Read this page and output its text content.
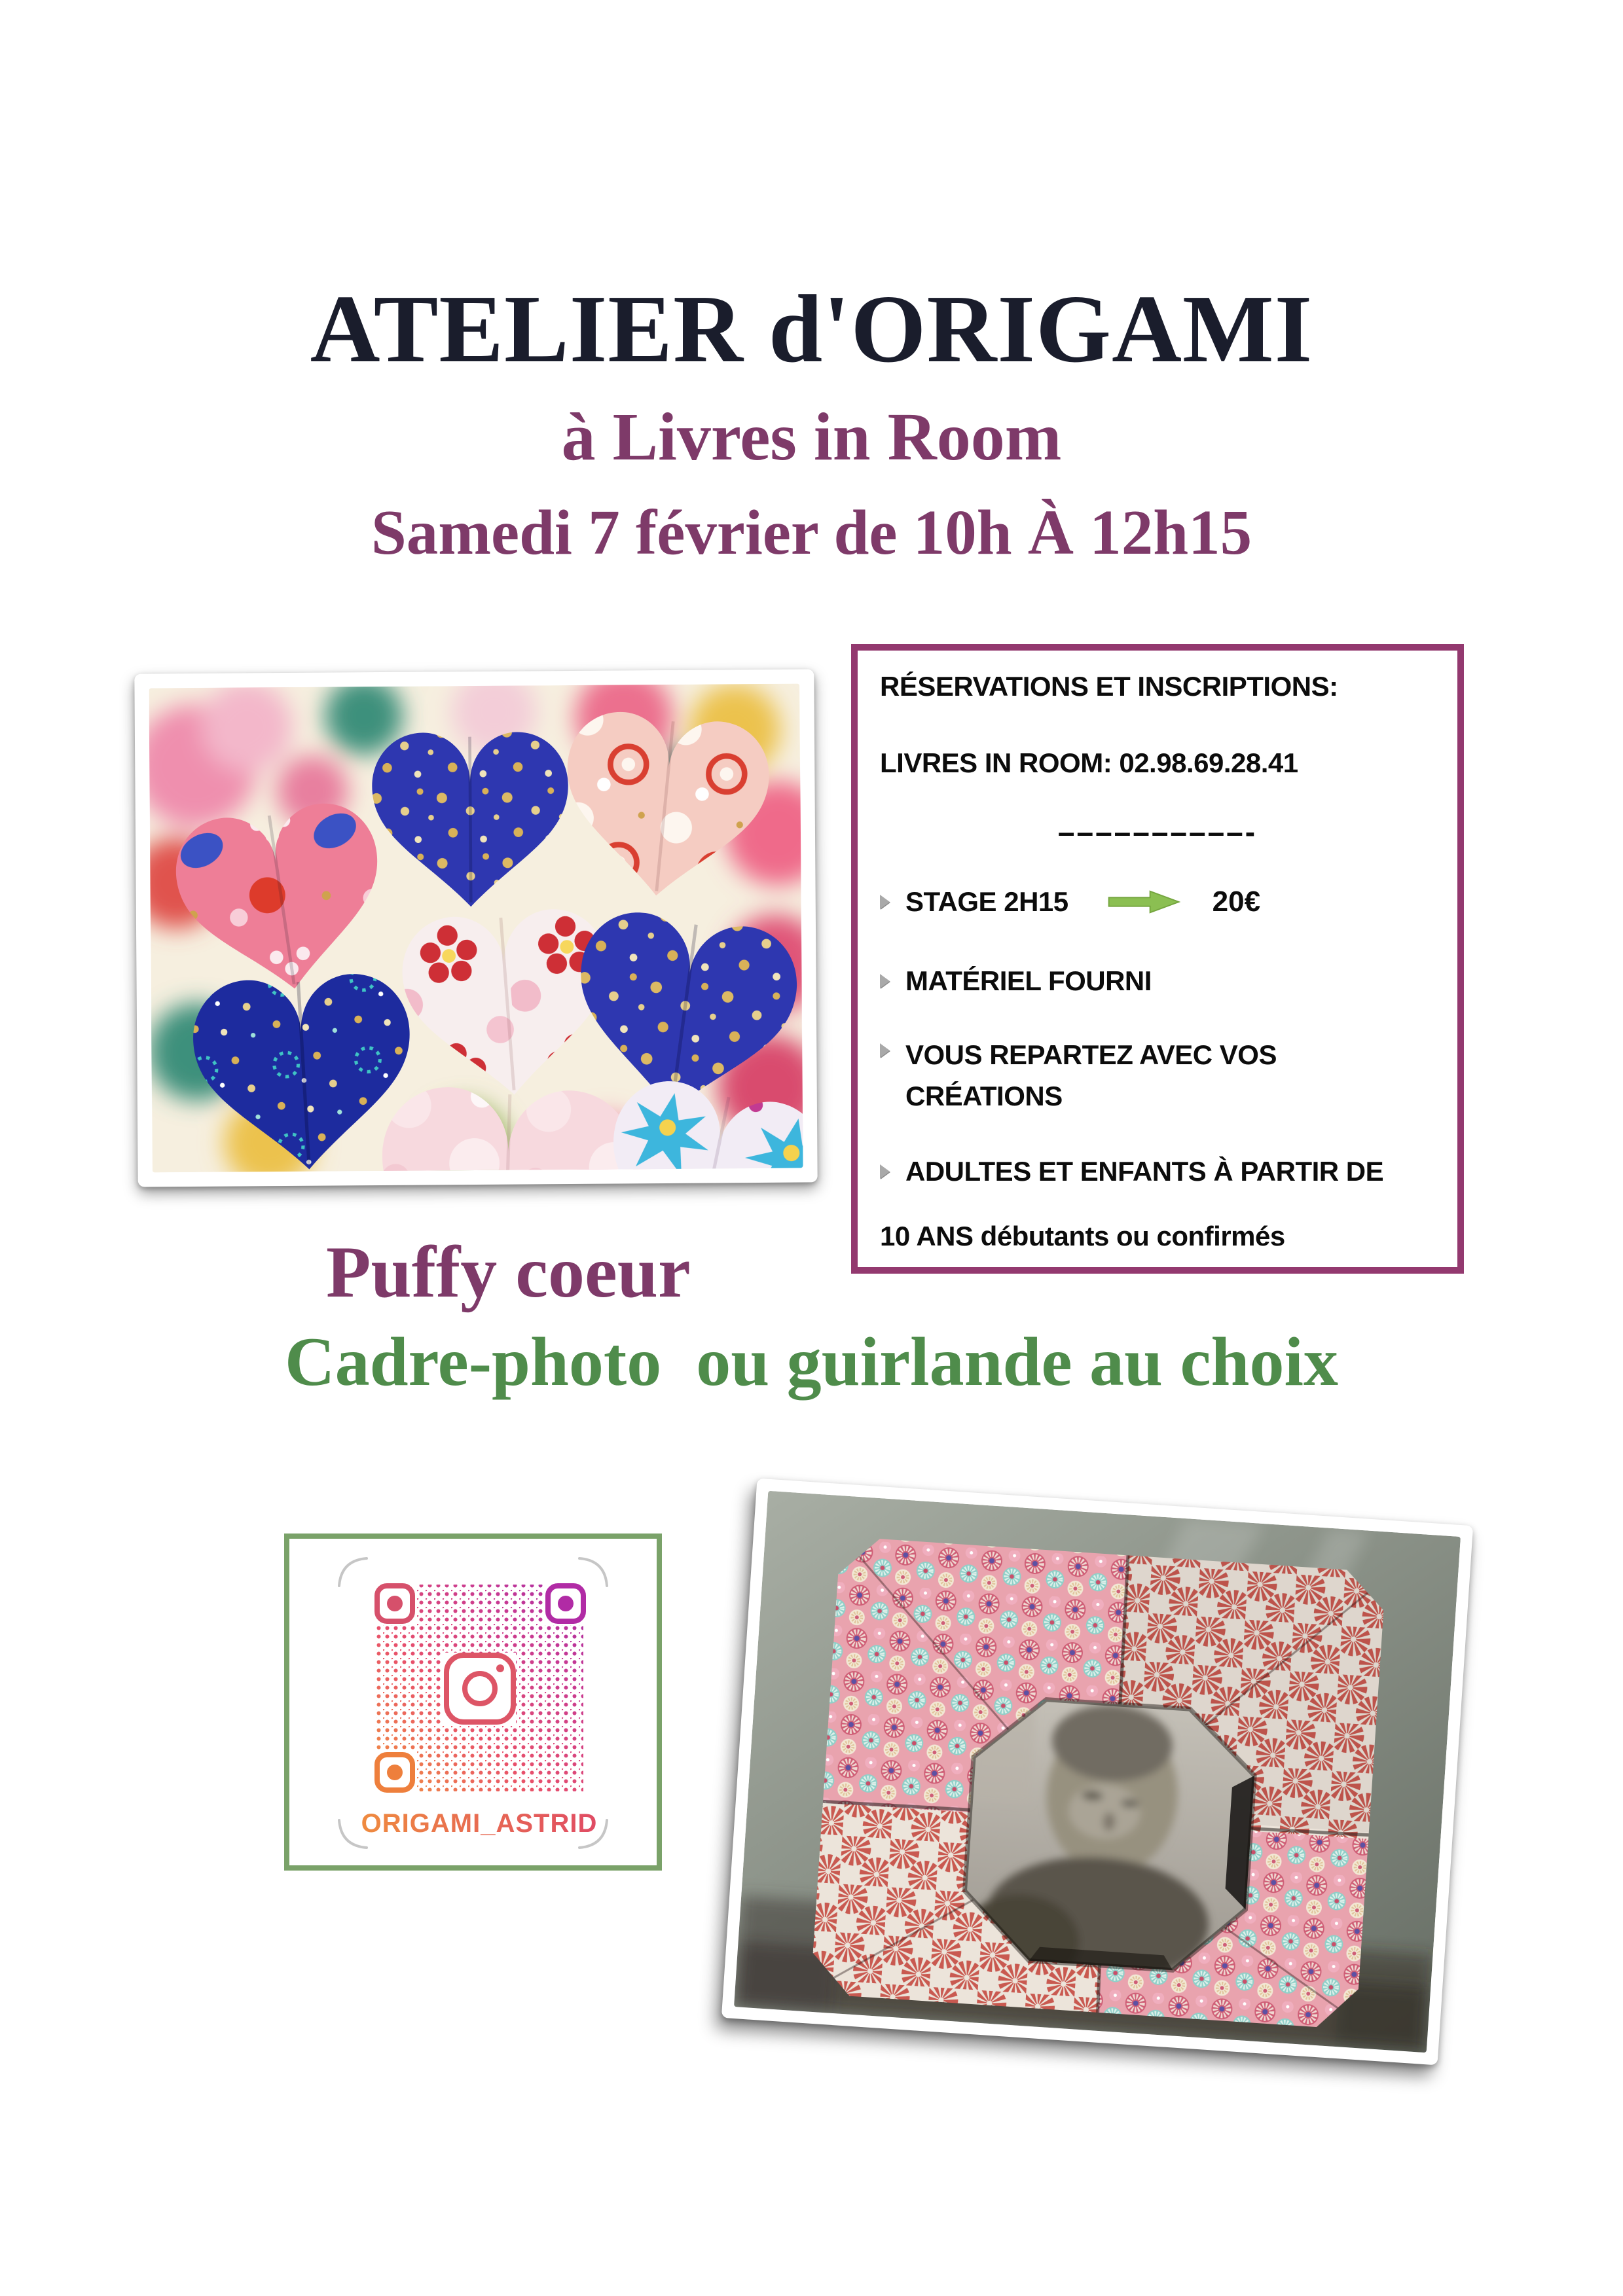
ATELIER d'ORIGAMI
à Livres in Room
Samedi 7 février de 10h À 12h15
RÉSERVATIONS ET INSCRIPTIONS:
LIVRES IN ROOM: 02.98.69.28.41
––––––––––-
STAGE 2H15	20€
MATÉRIEL FOURNI
VOUS REPARTEZ AVEC VOS CRÉATIONS
ADULTES ET ENFANTS À PARTIR DE
10 ANS débutants ou confirmés
Puffy coeur
Cadre-photo  ou guirlande au choix
ORIGAMI_ASTRID
